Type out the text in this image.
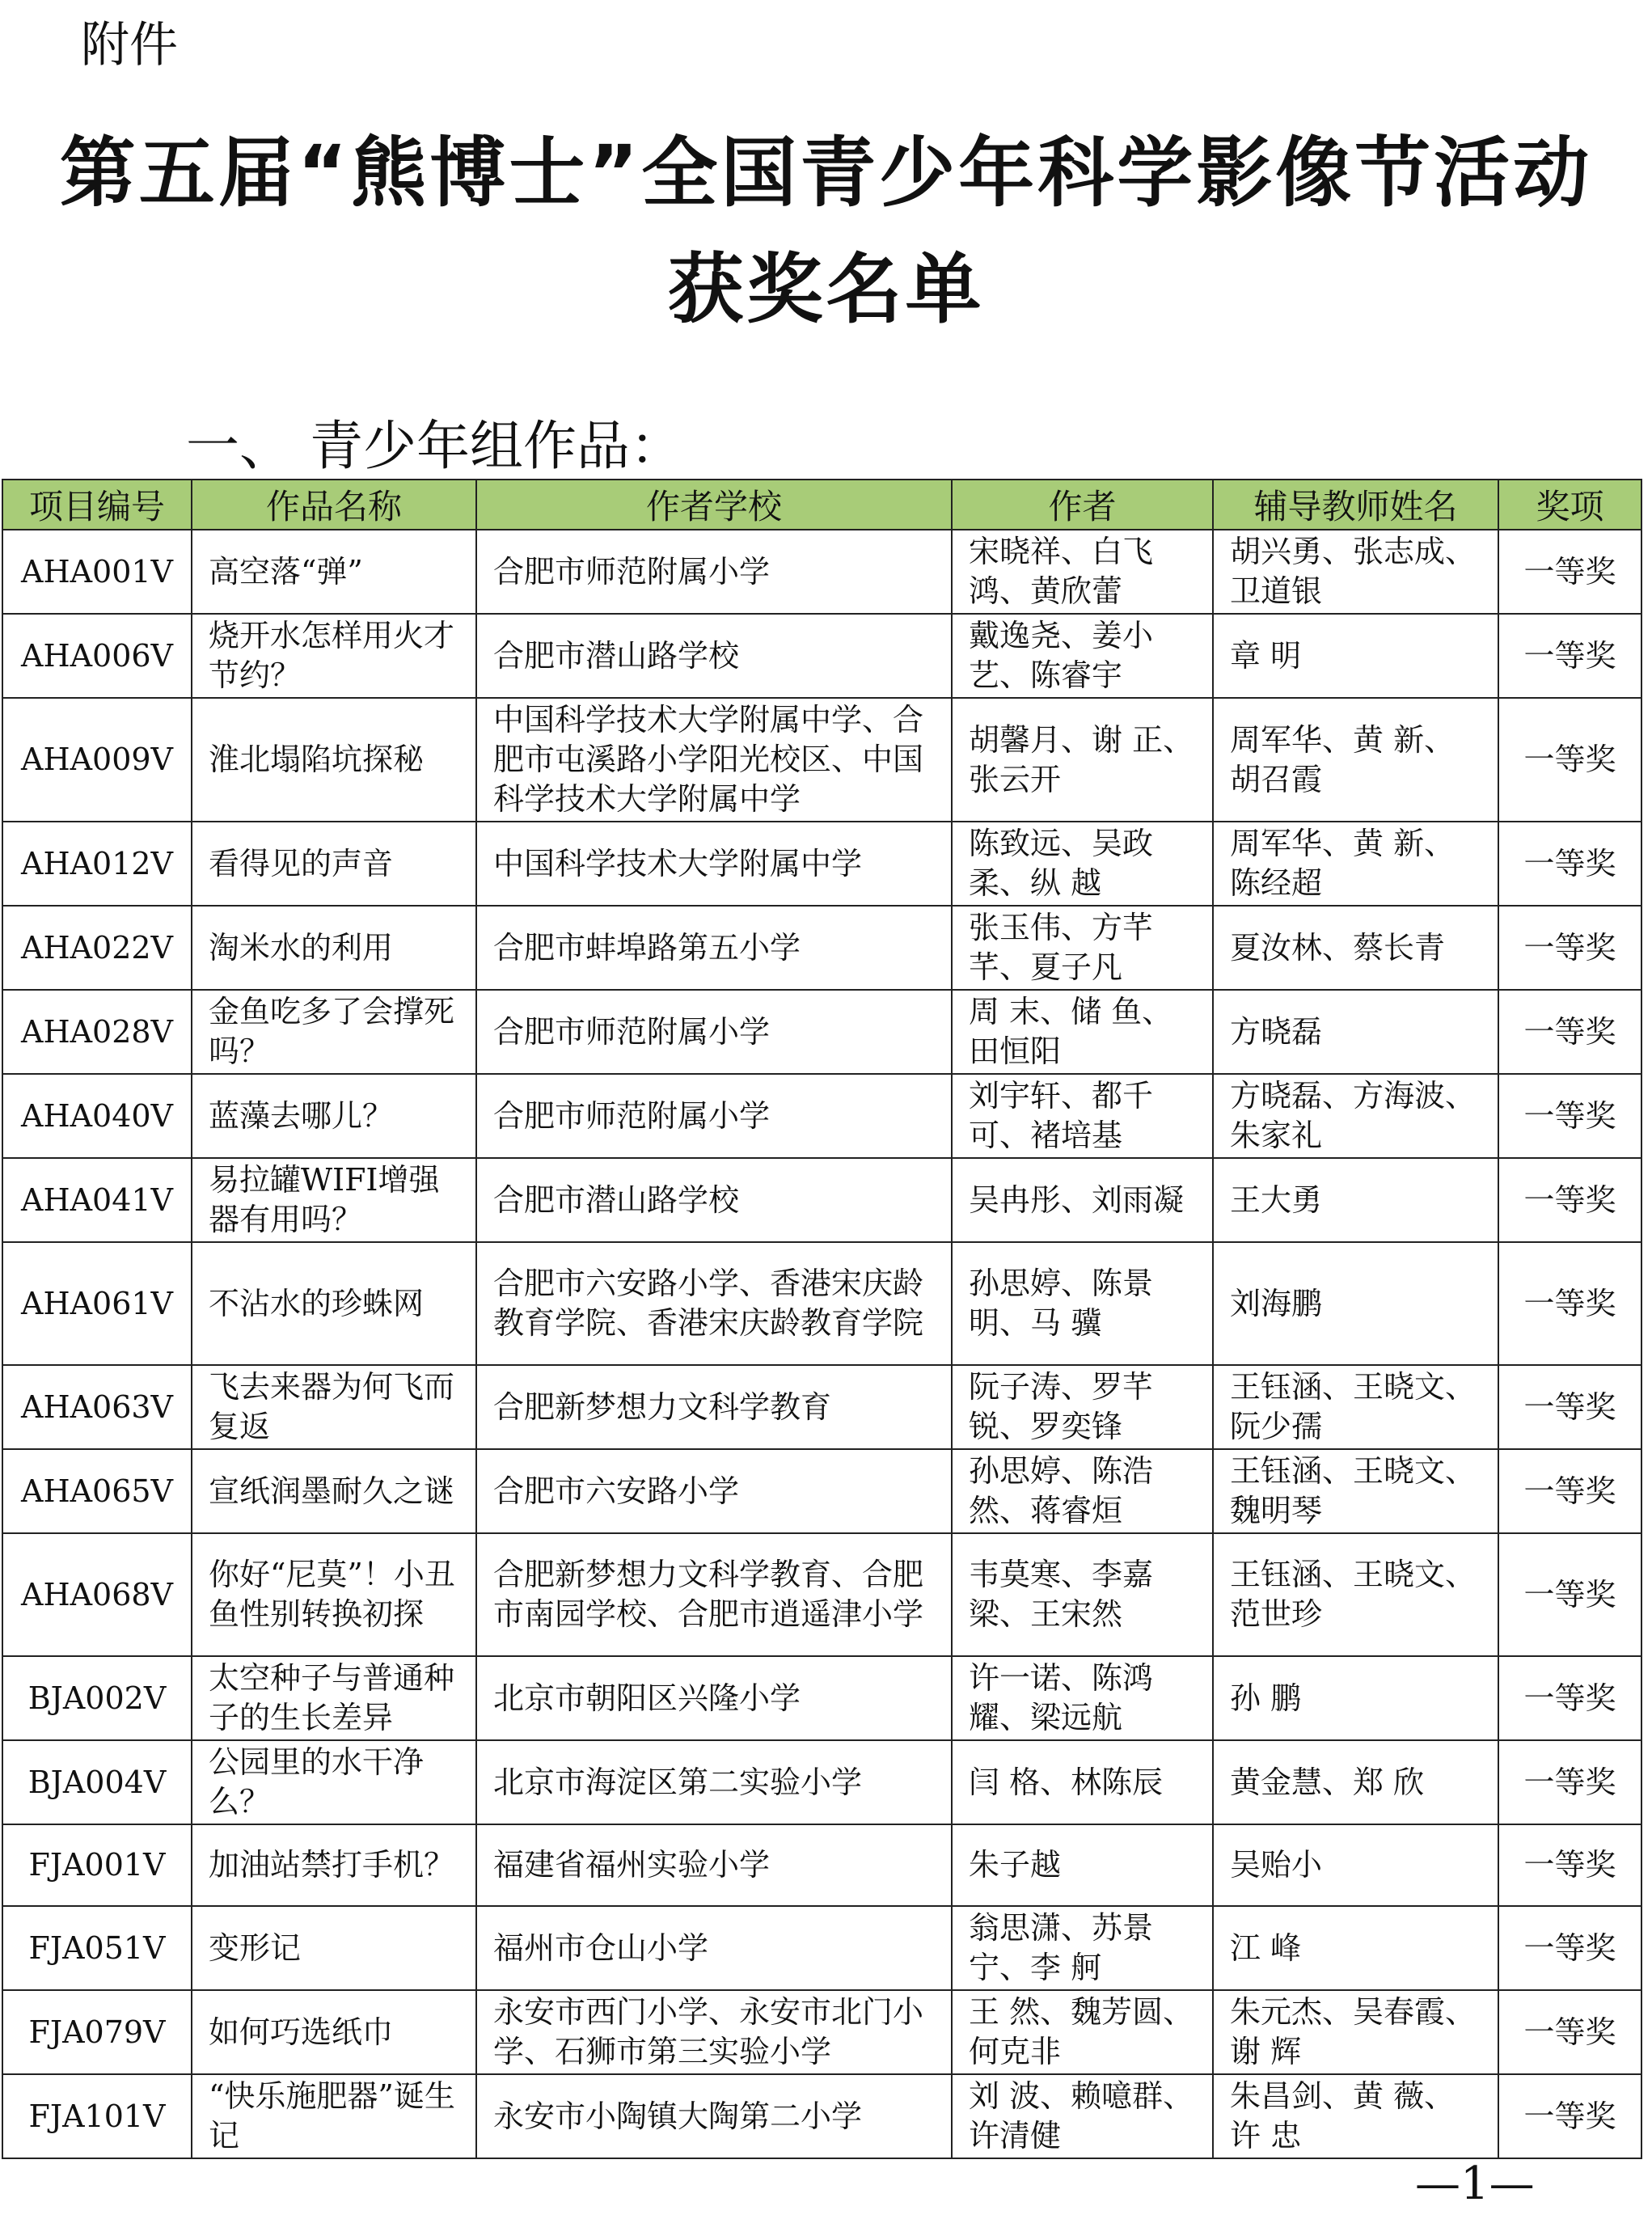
附件
第五届“熊博士”全国青少年科学影像节活动
获奖名单
一、 青少年组作品：
项目编号	作品名称	作者学校	作者	辅导教师姓名	奖项
AHA001V	高空落“弹”	合肥市师范附属小学	宋晓祥、白飞鸿、黄欣蕾	胡兴勇、张志成、卫道银	一等奖
AHA006V	烧开水怎样用火才节约？	合肥市潜山路学校	戴逸尧、姜小艺、陈睿宇	章 明	一等奖
AHA009V	淮北塌陷坑探秘	中国科学技术大学附属中学、合肥市屯溪路小学阳光校区、中国科学技术大学附属中学	胡馨月、谢 正、张云开	周军华、黄 新、胡召霞	一等奖
AHA012V	看得见的声音	中国科学技术大学附属中学	陈致远、吴政柔、纵 越	周军华、黄 新、陈经超	一等奖
AHA022V	淘米水的利用	合肥市蚌埠路第五小学	张玉伟、方芊芊、夏子凡	夏汝林、蔡长青	一等奖
AHA028V	金鱼吃多了会撑死吗？	合肥市师范附属小学	周 末、储 鱼、田恒阳	方晓磊	一等奖
AHA040V	蓝藻去哪儿？	合肥市师范附属小学	刘宇轩、都千可、褚培基	方晓磊、方海波、朱家礼	一等奖
AHA041V	易拉罐WIFI增强器有用吗？	合肥市潜山路学校	吴冉彤、刘雨凝	王大勇	一等奖
AHA061V	不沾水的珍蛛网	合肥市六安路小学、香港宋庆龄教育学院、香港宋庆龄教育学院	孙思婷、陈景明、马 骥	刘海鹏	一等奖
AHA063V	飞去来器为何飞而复返	合肥新梦想力文科学教育	阮子涛、罗芊锐、罗奕锋	王钰涵、王晓文、阮少孺	一等奖
AHA065V	宣纸润墨耐久之谜	合肥市六安路小学	孙思婷、陈浩然、蒋睿烜	王钰涵、王晓文、魏明琴	一等奖
AHA068V	你好“尼莫”！小丑鱼性别转换初探	合肥新梦想力文科学教育、合肥市南园学校、合肥市逍遥津小学	韦莫寒、李嘉梁、王宋然	王钰涵、王晓文、范世珍	一等奖
BJA002V	太空种子与普通种子的生长差异	北京市朝阳区兴隆小学	许一诺、陈鸿耀、梁远航	孙 鹏	一等奖
BJA004V	公园里的水干净么？	北京市海淀区第二实验小学	闫 格、林陈辰	黄金慧、郑 欣	一等奖
FJA001V	加油站禁打手机？	福建省福州实验小学	朱子越	吴贻小	一等奖
FJA051V	变形记	福州市仓山小学	翁思潇、苏景宁、李 舸	江 峰	一等奖
FJA079V	如何巧选纸巾	永安市西门小学、永安市北门小学、石狮市第三实验小学	王 然、魏芳圆、何克非	朱元杰、吴春霞、谢 辉	一等奖
FJA101V	“快乐施肥器”诞生记	永安市小陶镇大陶第二小学	刘 波、赖噫群、许清健	朱昌剑、黄 薇、许 忠	一等奖
—1—
